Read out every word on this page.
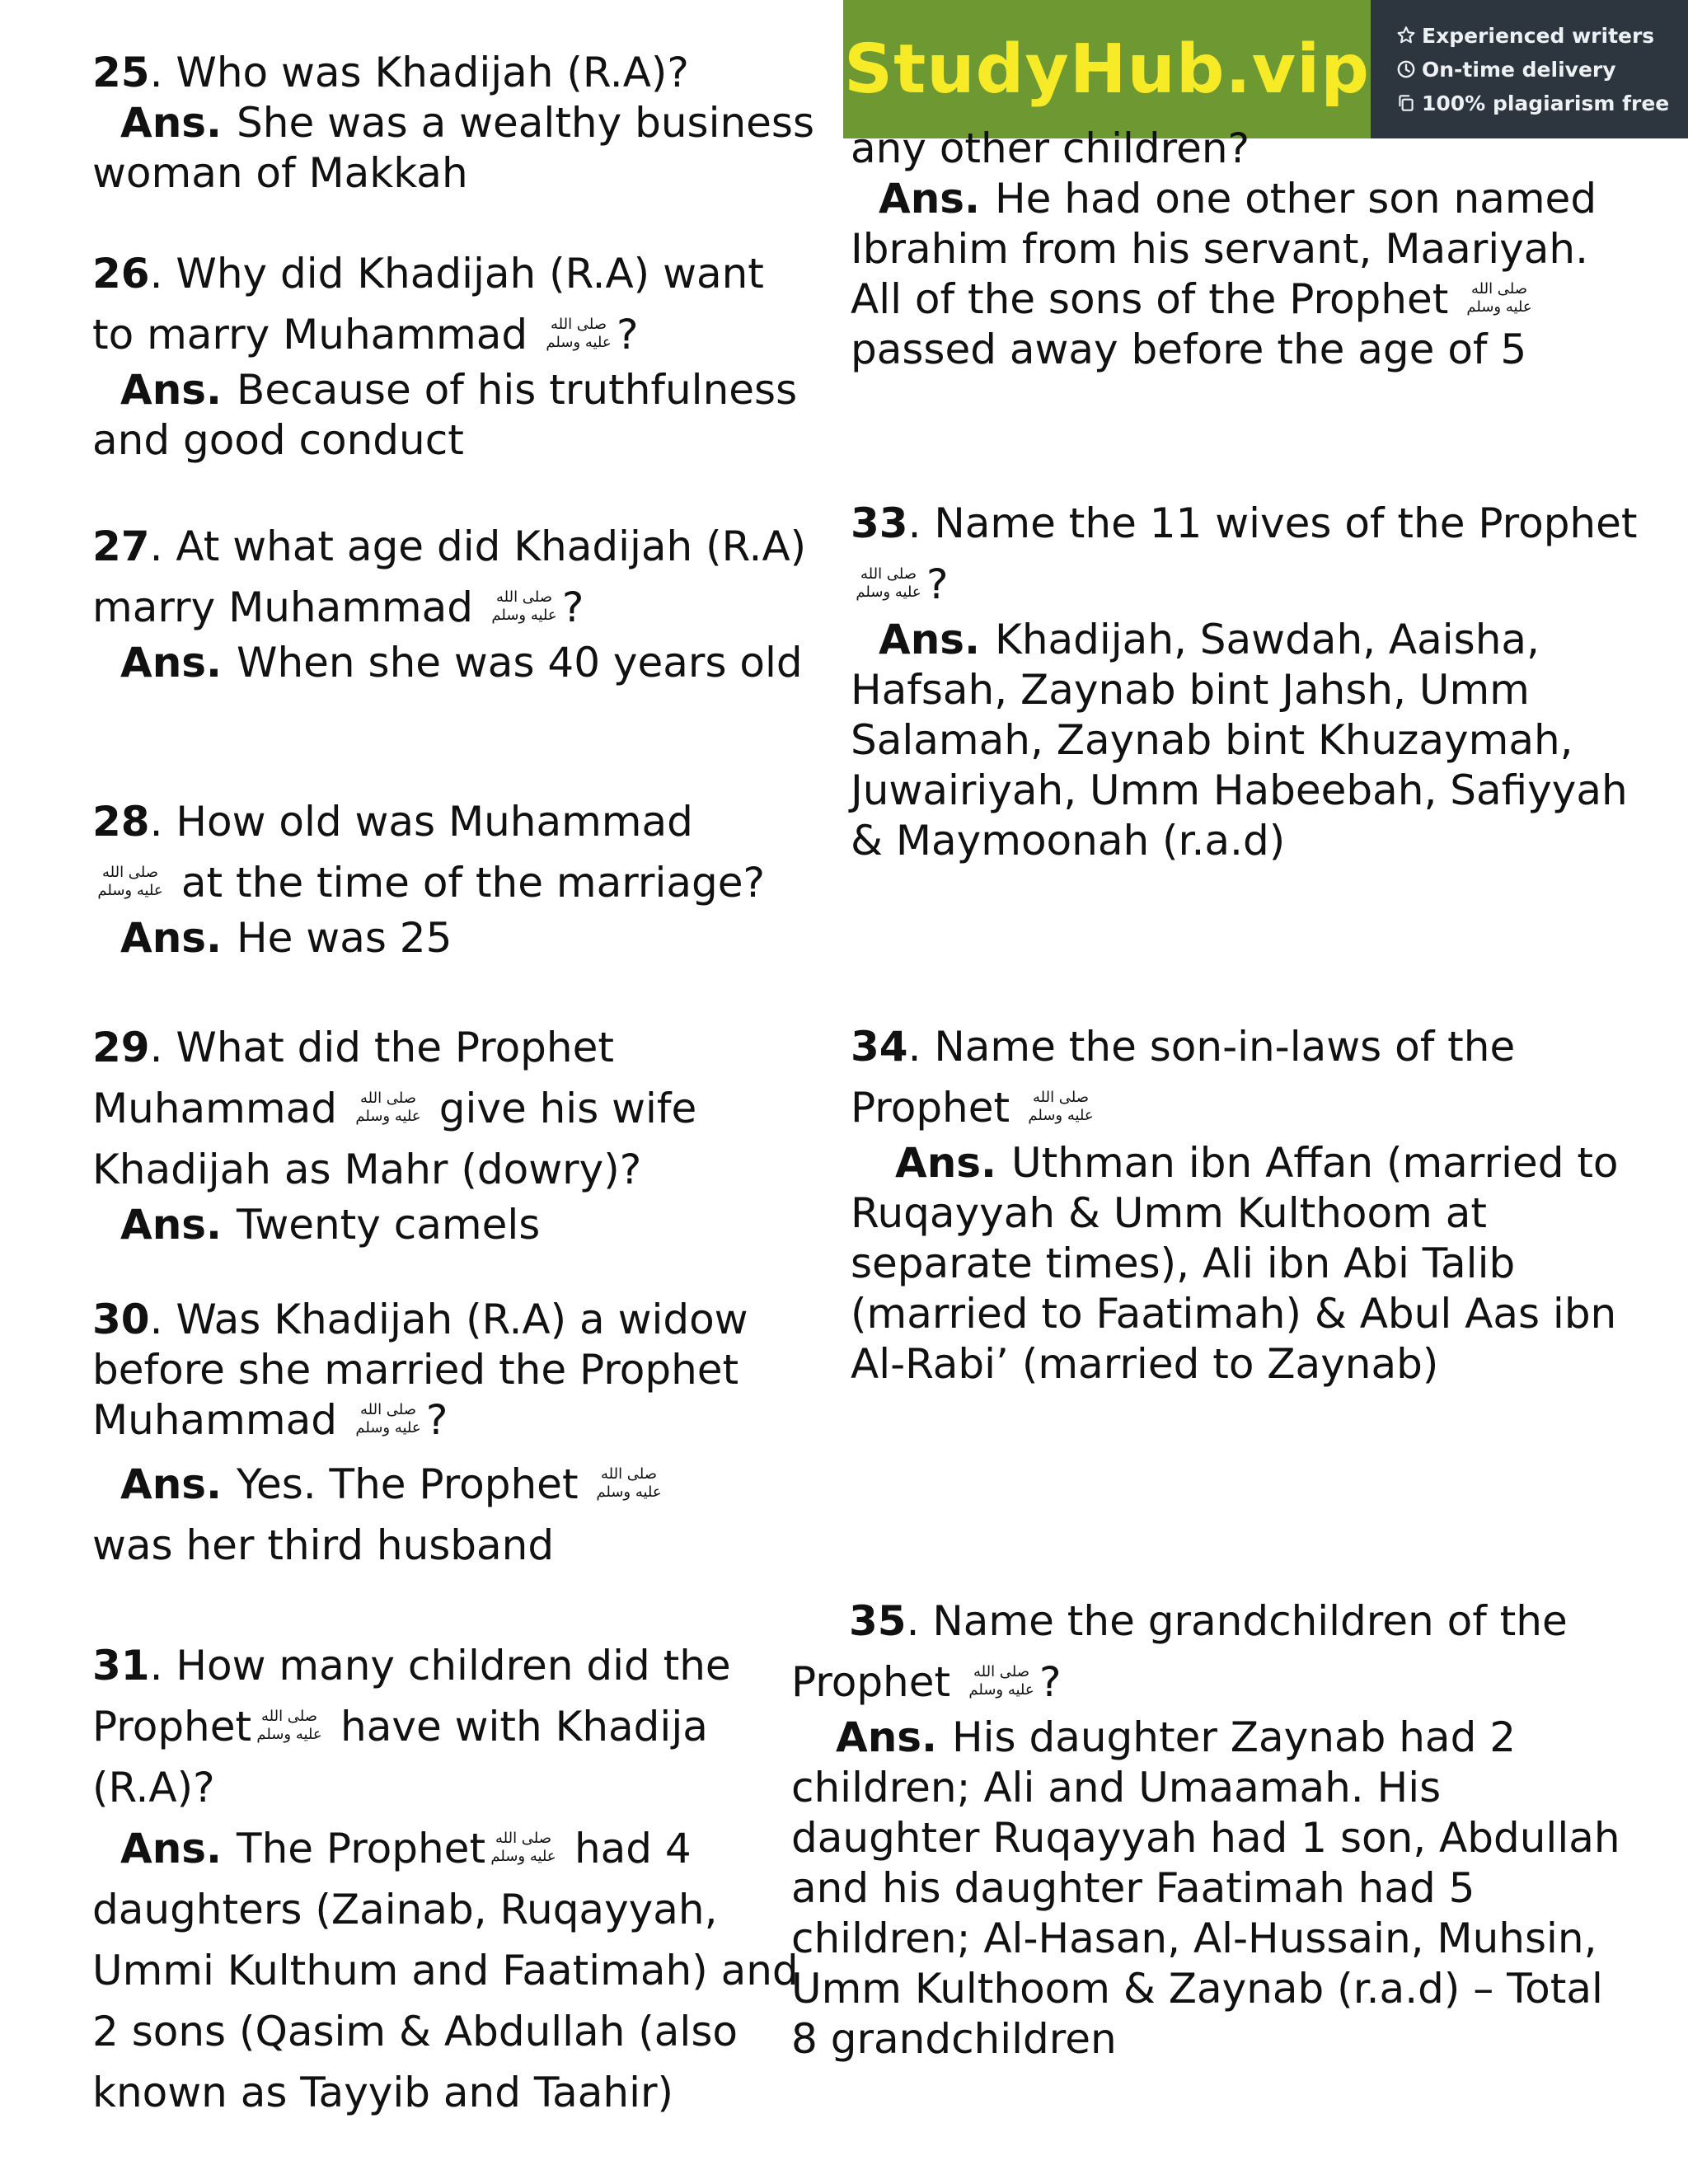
StudyHub.vip	Experienced writers
On-time delivery
100% plagiarism free

25. Who was Khadijah (R.A)?

Ans. She was a wealthy business woman of Makkah

26. Why did Khadijah (R.A) want to marry Muhammad
?

Ans. Because of his truthfulness and good conduct

27. At what age did Khadijah (R.A) marry Muhammad
?

Ans. When she was 40 years old

28. How old was Muhammad

at the time of the marriage?

Ans. He was 25

29. What did the Prophet Muhammad
give his wife Khadijah as Mahr (dowry)?

Ans. Twenty camels

30. Was Khadijah (R.A) a widow before she married the Prophet Muhammad
?

Ans. Yes. The Prophet

was her third husband

31. How many children did the Prophet
have with Khadija (R.A)?

Ans. The Prophet
had 4 daughters (Zainab, Ruqayyah, Ummi Kulthum and Faatimah) and 2 sons (Qasim & Abdullah (also known as Tayyib and Taahir)

any other children?

Ans. He had one other son named Ibrahim from his servant, Maariyah. All of the sons of the Prophet
passed away before the age of 5

33. Name the 11 wives of the Prophet
?

Ans. Khadijah, Sawdah, Aaisha, Hafsah, Zaynab bint Jahsh, Umm Salamah, Zaynab bint Khuzaymah, Juwairiyah, Umm Habeebah, Safiyyah & Maymoonah (r.a.d)

34. Name the son-in-laws of the Prophet

Ans. Uthman ibn Affan (married to Ruqayyah & Umm Kulthoom at separate times), Ali ibn Abi Talib (married to Faatimah) & Abul Aas ibn Al-Rabi’ (married to Zaynab)

35. Name the grandchildren of the Prophet
?

Ans. His daughter Zaynab had 2 children; Ali and Umaamah. His daughter Ruqayyah had 1 son, Abdullah and his daughter Faatimah had 5 children; Al-Hasan, Al-Hussain, Muhsin, Umm Kulthoom & Zaynab (r.a.d) – Total 8 grandchildren
